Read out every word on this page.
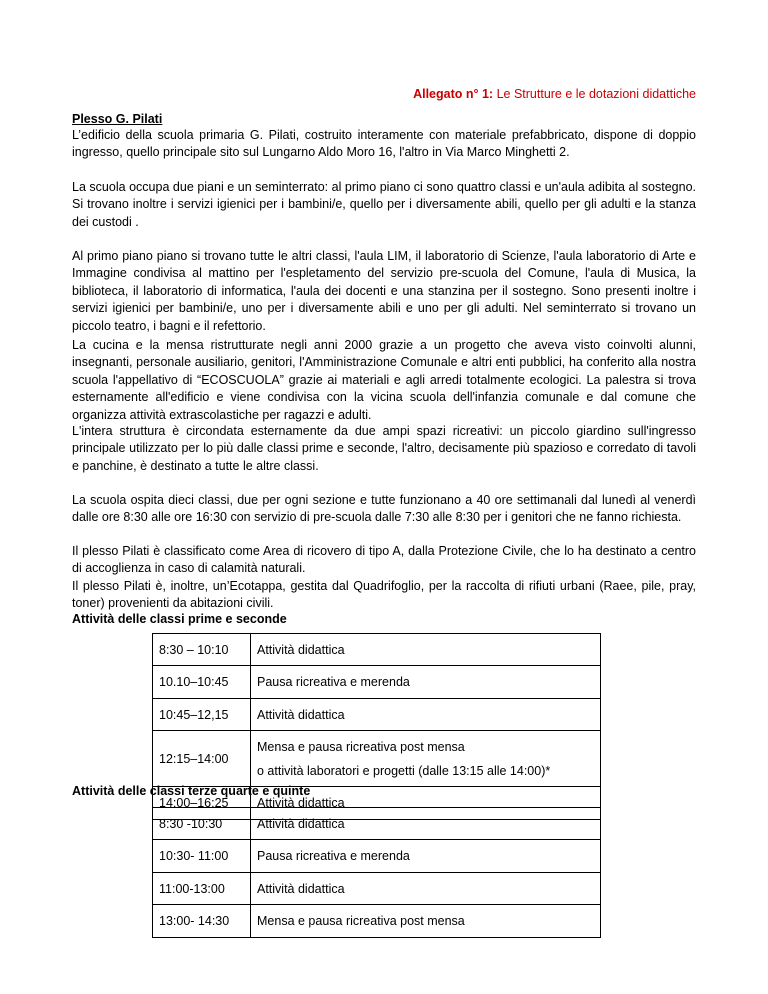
Allegato n° 1: Le Strutture e le dotazioni didattiche
Plesso G. Pilati

L’edificio della scuola primaria G. Pilati, costruito interamente con materiale prefabbricato, dispone di doppio ingresso, quello principale sito sul Lungarno Aldo Moro 16, l'altro in Via Marco Minghetti 2.

La scuola occupa due piani e un seminterrato: al primo piano ci sono quattro classi e un'aula adibita al sostegno. Si trovano inoltre i servizi igienici per i bambini/e, quello per i diversamente abili, quello per gli adulti e la stanza dei custodi .

Al primo piano piano si trovano tutte le altri classi, l'aula LIM, il laboratorio di Scienze, l'aula laboratorio di Arte e Immagine condivisa al mattino per l'espletamento del servizio pre-scuola del Comune, l'aula di Musica, la biblioteca, il laboratorio di informatica, l'aula dei docenti e una stanzina per il sostegno. Sono presenti inoltre i servizi igienici per bambini/e, uno per i diversamente abili e uno per gli adulti. Nel seminterrato si trovano un piccolo teatro, i bagni e il refettorio.

La cucina e la mensa ristrutturate negli anni 2000 grazie a un progetto che aveva visto coinvolti alunni, insegnanti, personale ausiliario, genitori, l'Amministrazione Comunale e altri enti pubblici, ha conferito alla nostra scuola l'appellativo di “ECOSCUOLA” grazie ai materiali e agli arredi totalmente ecologici. La palestra si trova esternamente all'edificio e viene condivisa con la vicina scuola dell'infanzia comunale e dal comune che organizza attività extrascolastiche per ragazzi e adulti.

L'intera struttura è circondata esternamente da due ampi spazi ricreativi: un piccolo giardino sull'ingresso principale utilizzato per lo più dalle classi prime e seconde, l'altro, decisamente più spazioso e corredato di tavoli e panchine, è destinato a tutte le altre classi.

La scuola ospita dieci classi, due per ogni sezione e tutte funzionano a 40 ore settimanali dal lunedì al venerdì dalle ore 8:30 alle ore 16:30 con servizio di pre-scuola dalle 7:30 alle 8:30 per i genitori che ne fanno richiesta.

Il plesso Pilati è classificato come Area di ricovero di tipo A, dalla Protezione Civile, che lo ha destinato a centro di accoglienza in caso di calamità naturali.

Il plesso Pilati è, inoltre, un’Ecotappa, gestita dal Quadrifoglio, per la raccolta di rifiuti urbani (Raee, pile, pray, toner) provenienti da abitazioni civili.

Attività delle classi prime e seconde
8:30 – 10:10	Attività didattica
10.10–10:45	Pausa ricreativa e merenda
10:45–12,15	Attività didattica
12:15–14:00	Mensa e pausa ricreativa post mensa
o attività laboratori e progetti (dalle 13:15 alle 14:00)*

14:00–16:25	Attività didattica
Attività delle classi terze quarte e quinte
8:30 -10:30	Attività didattica
10:30- 11:00	Pausa ricreativa e merenda
11:00-13:00	Attività didattica
13:00- 14:30	Mensa e pausa ricreativa post mensa
